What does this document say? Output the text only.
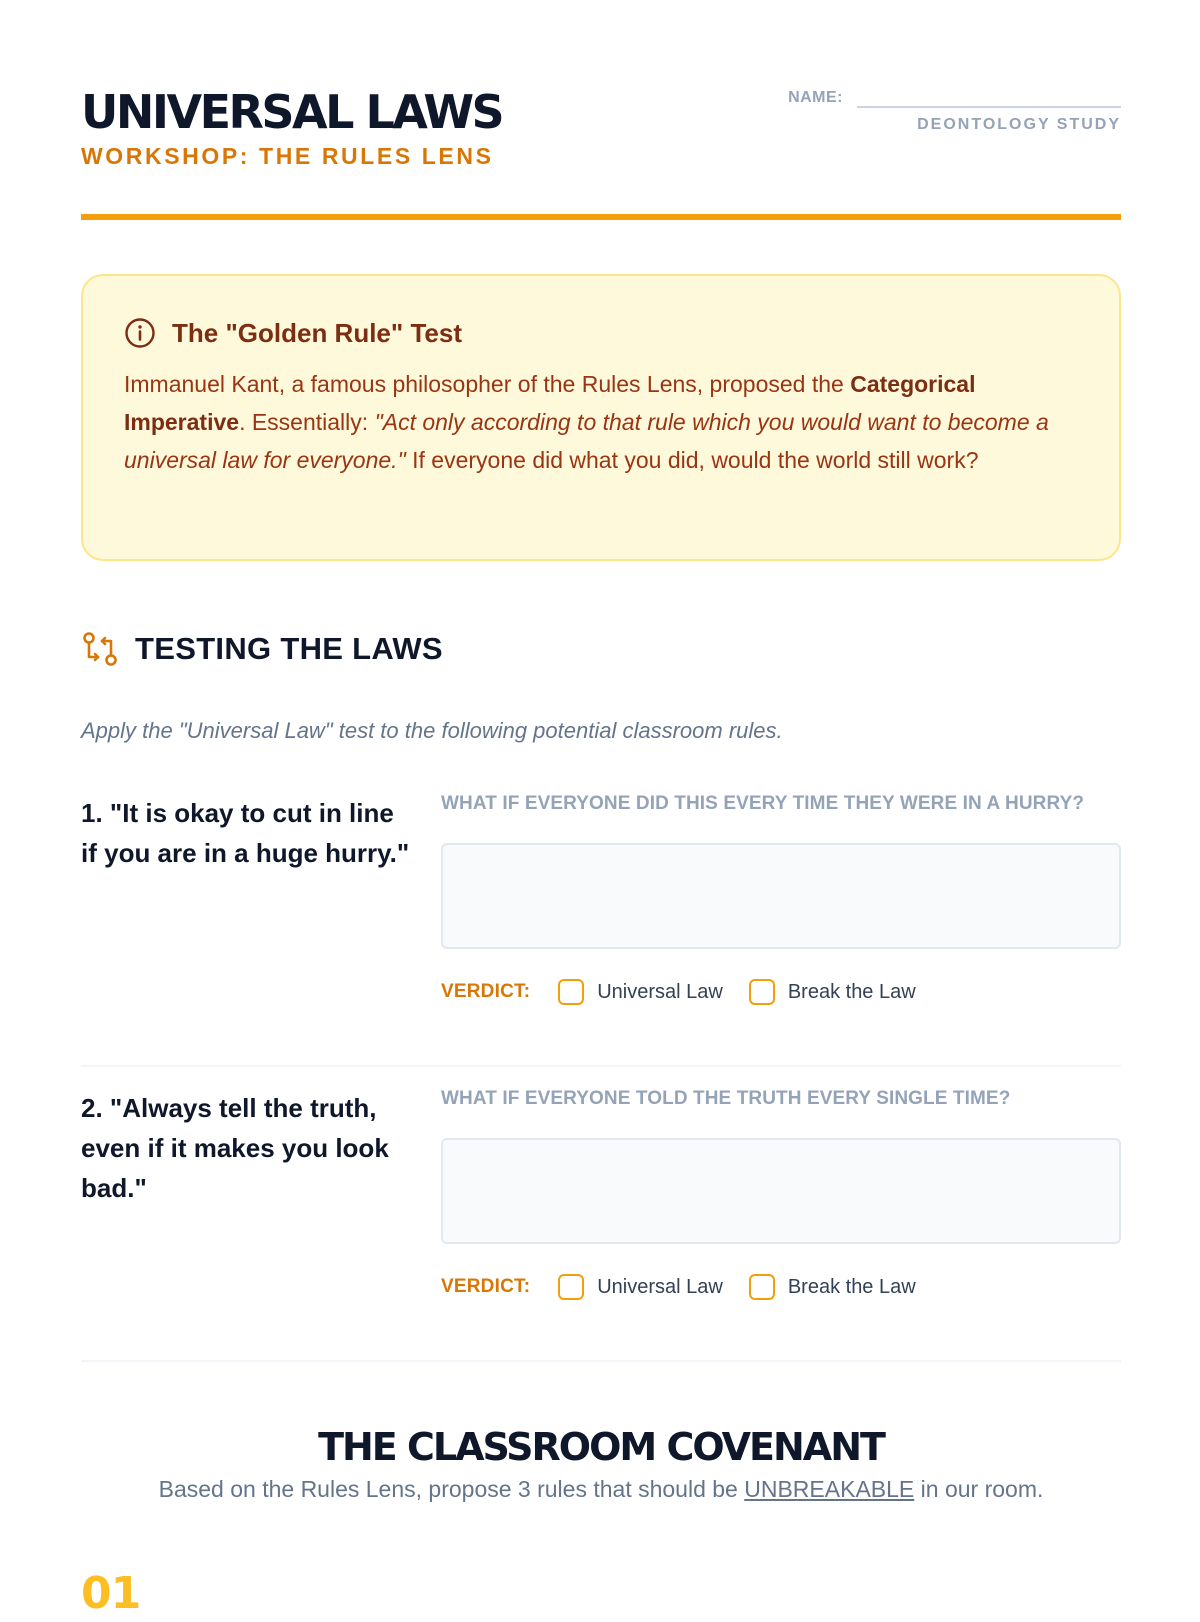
UNIVERSAL LAWS
WORKSHOP: THE RULES LENS
NAME:
DEONTOLOGY STUDY
The "Golden Rule" Test
Immanuel Kant, a famous philosopher of the Rules Lens, proposed the Categorical Imperative. Essentially: "Act only according to that rule which you would want to become a universal law for everyone." If everyone did what you did, would the world still work?
TESTING THE LAWS
Apply the "Universal Law" test to the following potential classroom rules.
1. "It is okay to cut in line if you are in a huge hurry."
WHAT IF EVERYONE DID THIS EVERY TIME THEY WERE IN A HURRY?
VERDICT:	Universal Law	Break the Law
2. "Always tell the truth, even if it makes you look bad."
WHAT IF EVERYONE TOLD THE TRUTH EVERY SINGLE TIME?
VERDICT:	Universal Law	Break the Law
THE CLASSROOM COVENANT
Based on the Rules Lens, propose 3 rules that should be UNBREAKABLE in our room.
01
